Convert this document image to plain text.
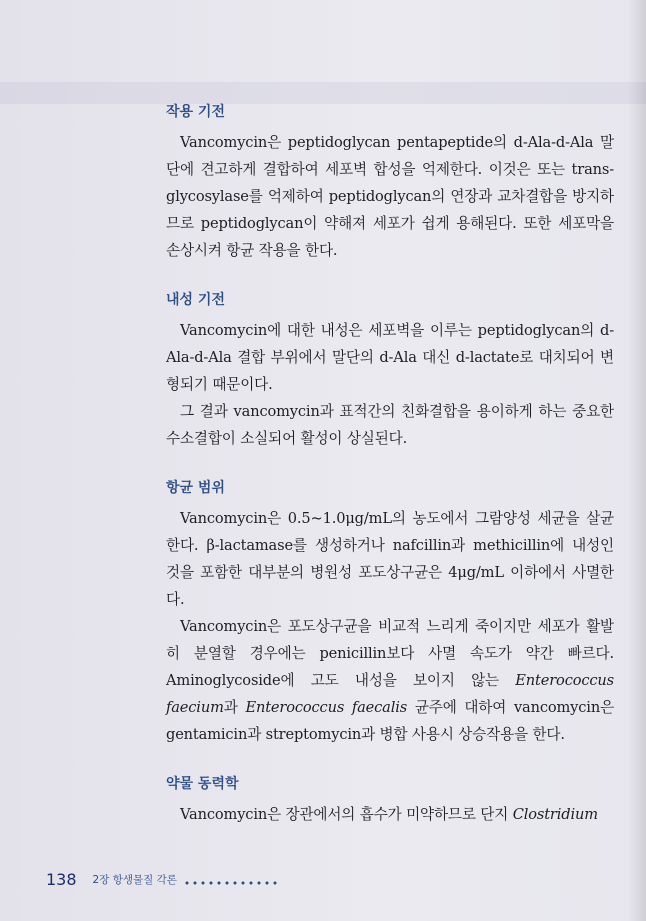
작용 기전

Vancomycin은 peptidoglycan pentapeptide의 d-Ala-d-Ala 말단에 견고하게 결합하여 세포벽 합성을 억제한다. 이것은 또는 trans-glycosylase를 억제하여 peptidoglycan의 연장과 교차결합을 방지하므로 peptidoglycan이 약해져 세포가 쉽게 용해된다. 또한 세포막을 손상시켜 항균 작용을 한다.

내성 기전

Vancomycin에 대한 내성은 세포벽을 이루는 peptidoglycan의 d-Ala-d-Ala 결합 부위에서 말단의 d-Ala 대신 d-lactate로 대치되어 변형되기 때문이다.

그 결과 vancomycin과 표적간의 친화결합을 용이하게 하는 중요한 수소결합이 소실되어 활성이 상실된다.

항균 범위

Vancomycin은 0.5~1.0μg/mL의 농도에서 그람양성 세균을 살균한다. β-lactamase를 생성하거나 nafcillin과 methicillin에 내성인 것을 포함한 대부분의 병원성 포도상구균은 4μg/mL 이하에서 사멸한다.

Vancomycin은 포도상구균을 비교적 느리게 죽이지만 세포가 활발히 분열할 경우에는 penicillin보다 사멸 속도가 약간 빠르다. Aminoglycoside에 고도 내성을 보이지 않는 Enterococcus faecium과 Enterococcus faecalis 균주에 대하여 vancomycin은 gentamicin과 streptomycin과 병합 사용시 상승작용을 한다.

약물 동력학

Vancomycin은 장관에서의 흡수가 미약하므로 단지 Clostridium

138 2장 항생물질 각론
